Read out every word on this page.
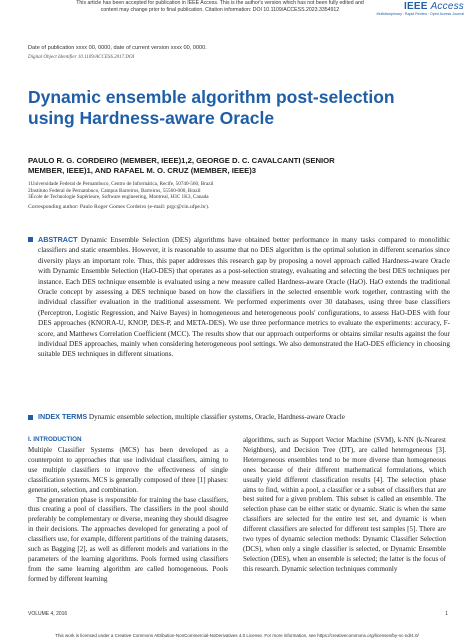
This article has been accepted for publication in IEEE Access. This is the author's version which has not been fully edited and
content may change prior to final publication. Citation information: DOI 10.1109/ACCESS.2023.3354912	IEEE Access
Multidisciplinary : Rapid Review : Open Access Journal
Date of publication xxxx 00, 0000, date of current version xxxx 00, 0000.
Digital Object Identifier 10.1109/ACCESS.2017.DOI
Dynamic ensemble algorithm post-selection using Hardness-aware Oracle
PAULO R. G. CORDEIRO (MEMBER, IEEE)1,2, GEORGE D. C. CAVALCANTI (SENIOR
MEMBER, IEEE)1, AND RAFAEL M. O. CRUZ (MEMBER, IEEE)3
1Universidade Federal de Pernambuco, Centro de Informática, Recife, 50740-560, Brazil
2Instituto Federal de Pernambuco, Campus Barreiros, Barreiros, 55560-000, Brazil
3École de Technologie Supérieure, Software engineering, Montreal, H3C 1K3, Canada
Corresponding author: Paulo Roger Gomes Cordeiro (e-mail: prgc@cin.ufpe.br).
ABSTRACT Dynamic Ensemble Selection (DES) algorithms have obtained better performance in many tasks compared to monolithic classifiers and static ensembles. However, it is reasonable to assume that no DES algorithm is the optimal solution in different scenarios since diversity plays an important role. Thus, this paper addresses this research gap by proposing a novel approach called Hardness-aware Oracle with Dynamic Ensemble Selection (HaO-DES) that operates as a post-selection strategy, evaluating and selecting the best DES techniques per instance. Each DES technique ensemble is evaluated using a new measure called Hardness-aware Oracle (HaO). HaO extends the traditional Oracle concept by assessing a DES technique based on how the classifiers in the selected ensemble work together, contrasting with the individual classifier evaluation in the traditional assessment. We performed experiments over 30 databases, using three base classifiers (Perceptron, Logistic Regression, and Naive Bayes) in homogeneous and heterogeneous pools' configurations, to assess HaO-DES with four DES approaches (KNORA-U, KNOP, DES-P, and META-DES). We use three performance metrics to evaluate the experiments: accuracy, F-score, and Matthews Correlation Coefficient (MCC). The results show that our approach outperforms or obtains similar results against the four individual DES approaches, mainly when considering heterogeneous pool settings. We also demonstrated the HaO-DES efficiency in choosing suitable DES techniques in different situations.
INDEX TERMS Dynamic ensemble selection, multiple classifier systems, Oracle, Hardness-aware Oracle
I. INTRODUCTION

Multiple Classifier Systems (MCS) has been developed as a counterpoint to approaches that use individual classifiers, aiming to use multiple classifiers to improve the effectiveness of single classification systems. MCS is generally composed of three [1] phases: generation, selection, and combination.

The generation phase is responsible for training the base classifiers, thus creating a pool of classifiers. The classifiers in the pool should preferably be complementary or diverse, meaning they should disagree in their decisions. The approaches developed for generating a pool of classifiers use, for example, different partitions of the training datasets, such as Bagging [2], as well as different models and variations in the parameters of the learning algorithms. Pools formed using classifiers from the same learning algorithm are called homogeneous. Pools formed by different learning

algorithms, such as Support Vector Machine (SVM), k-NN (k-Nearest Neighbors), and Decision Tree (DT), are called heterogeneous [3]. Heterogeneous ensembles tend to be more diverse than homogeneous ones because of their different mathematical formulations, which usually yield different classification results [4]. The selection phase aims to find, within a pool, a classifier or a subset of classifiers that are best suited for a given problem. This subset is called an ensemble. The selection phase can be either static or dynamic. Static is when the same classifiers are selected for the entire test set, and dynamic is when different classifiers are selected for different test samples [5]. There are two types of dynamic selection methods: Dynamic Classifier Selection (DCS), when only a single classifier is selected, or Dynamic Ensemble Selection (DES), when an ensemble is selected; the latter is the focus of this research. Dynamic selection techniques commonly

VOLUME 4, 2016	1
This work is licensed under a Creative Commons Attribution-NonCommercial-NoDerivatives 4.0 License. For more information, see https://creativecommons.org/licenses/by-nc-nd/4.0/
